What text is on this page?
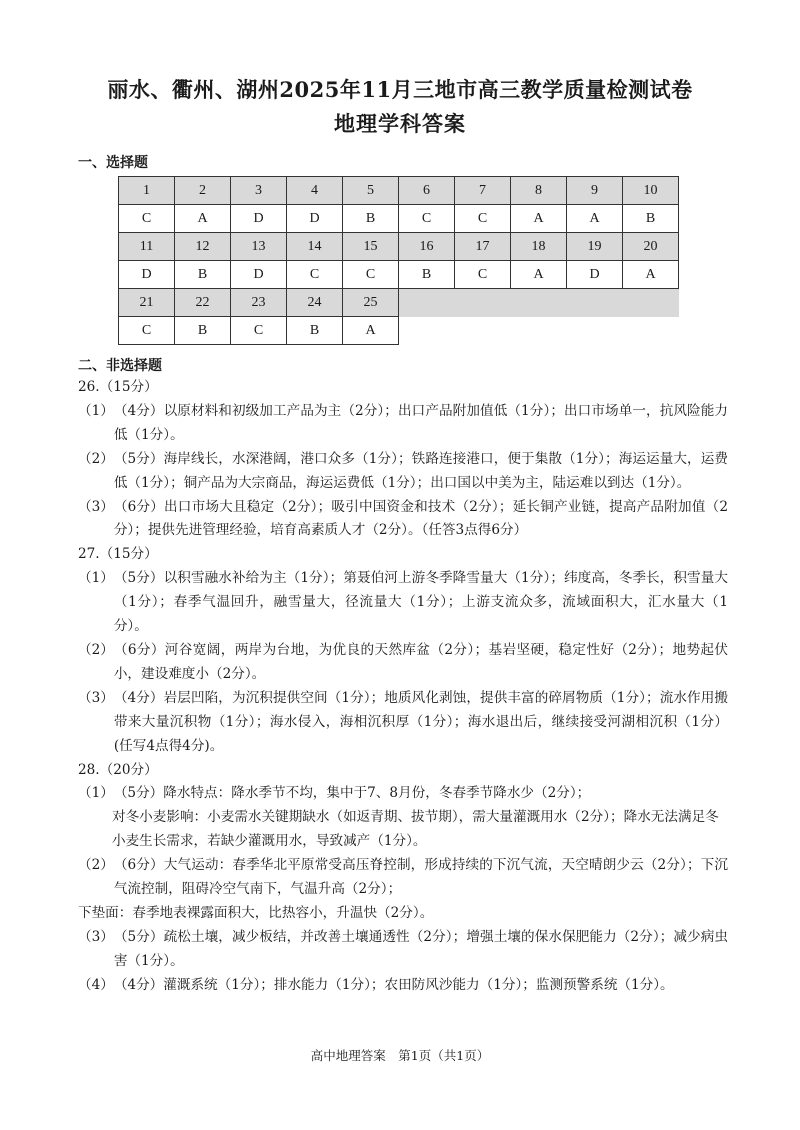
丽水、衢州、湖州2025年11月三地市高三教学质量检测试卷
地理学科答案
一、选择题
1	2	3	4	5	6	7	8	9	10
C	A	D	D	B	C	C	A	A	B
11	12	13	14	15	16	17	18	19	20
D	B	D	C	C	B	C	A	D	A
21	22	23	24	25					
C	B	C	B	A					
二、非选择题

26.（15分）

（1） （4分）以原材料和初级加工产品为主（2分）；出口产品附加值低（1分）；出口市场单一，抗风险能力低（1分）。
（2） （5分）海岸线长，水深港阔，港口众多（1分）；铁路连接港口，便于集散（1分）；海运运量大，运费低（1分）；铜产品为大宗商品，海运运费低（1分）；出口国以中美为主，陆运难以到达（1分）。
（3） （6分）出口市场大且稳定（2分）；吸引中国资金和技术（2分）；延长铜产业链，提高产品附加值（2分）；提供先进管理经验，培育高素质人才（2分）。（任答3点得6分）

27.（15分）

（1） （5分）以积雪融水补给为主（1分）；第聂伯河上游冬季降雪量大（1分）；纬度高，冬季长，积雪量大（1分）；春季气温回升，融雪量大，径流量大（1分）；上游支流众多，流域面积大，汇水量大（1分）。
（2） （6分）河谷宽阔，两岸为台地，为优良的天然库盆（2分）；基岩坚硬，稳定性好（2分）；地势起伏小，建设难度小（2分）。
（3） （4分）岩层凹陷，为沉积提供空间（1分）；地质风化剥蚀，提供丰富的碎屑物质（1分）；流水作用搬带来大量沉积物（1分）；海水侵入，海相沉积厚（1分）；海水退出后，继续接受河湖相沉积（1分）(任写4点得4分)。

28.（20分）

（1） （5分）降水特点：降水季节不均，集中于7、8月份，冬春季节降水少（2分）；

对冬小麦影响：小麦需水关键期缺水（如返青期、拔节期），需大量灌溉用水（2分）；降水无法满足冬小麦生长需求，若缺少灌溉用水，导致减产（1分）。

（2） （6分）大气运动：春季华北平原常受高压脊控制，形成持续的下沉气流，天空晴朗少云（2分）；下沉气流控制，阻碍冷空气南下，气温升高（2分）；

下垫面：春季地表裸露面积大，比热容小，升温快（2分）。

（3） （5分）疏松土壤，减少板结，并改善土壤通透性（2分）；增强土壤的保水保肥能力（2分）；减少病虫害（1分）。
（4） （4分）灌溉系统（1分）；排水能力（1分）；农田防风沙能力（1分）；监测预警系统（1分）。
高中地理答案　第1页（共1页）
